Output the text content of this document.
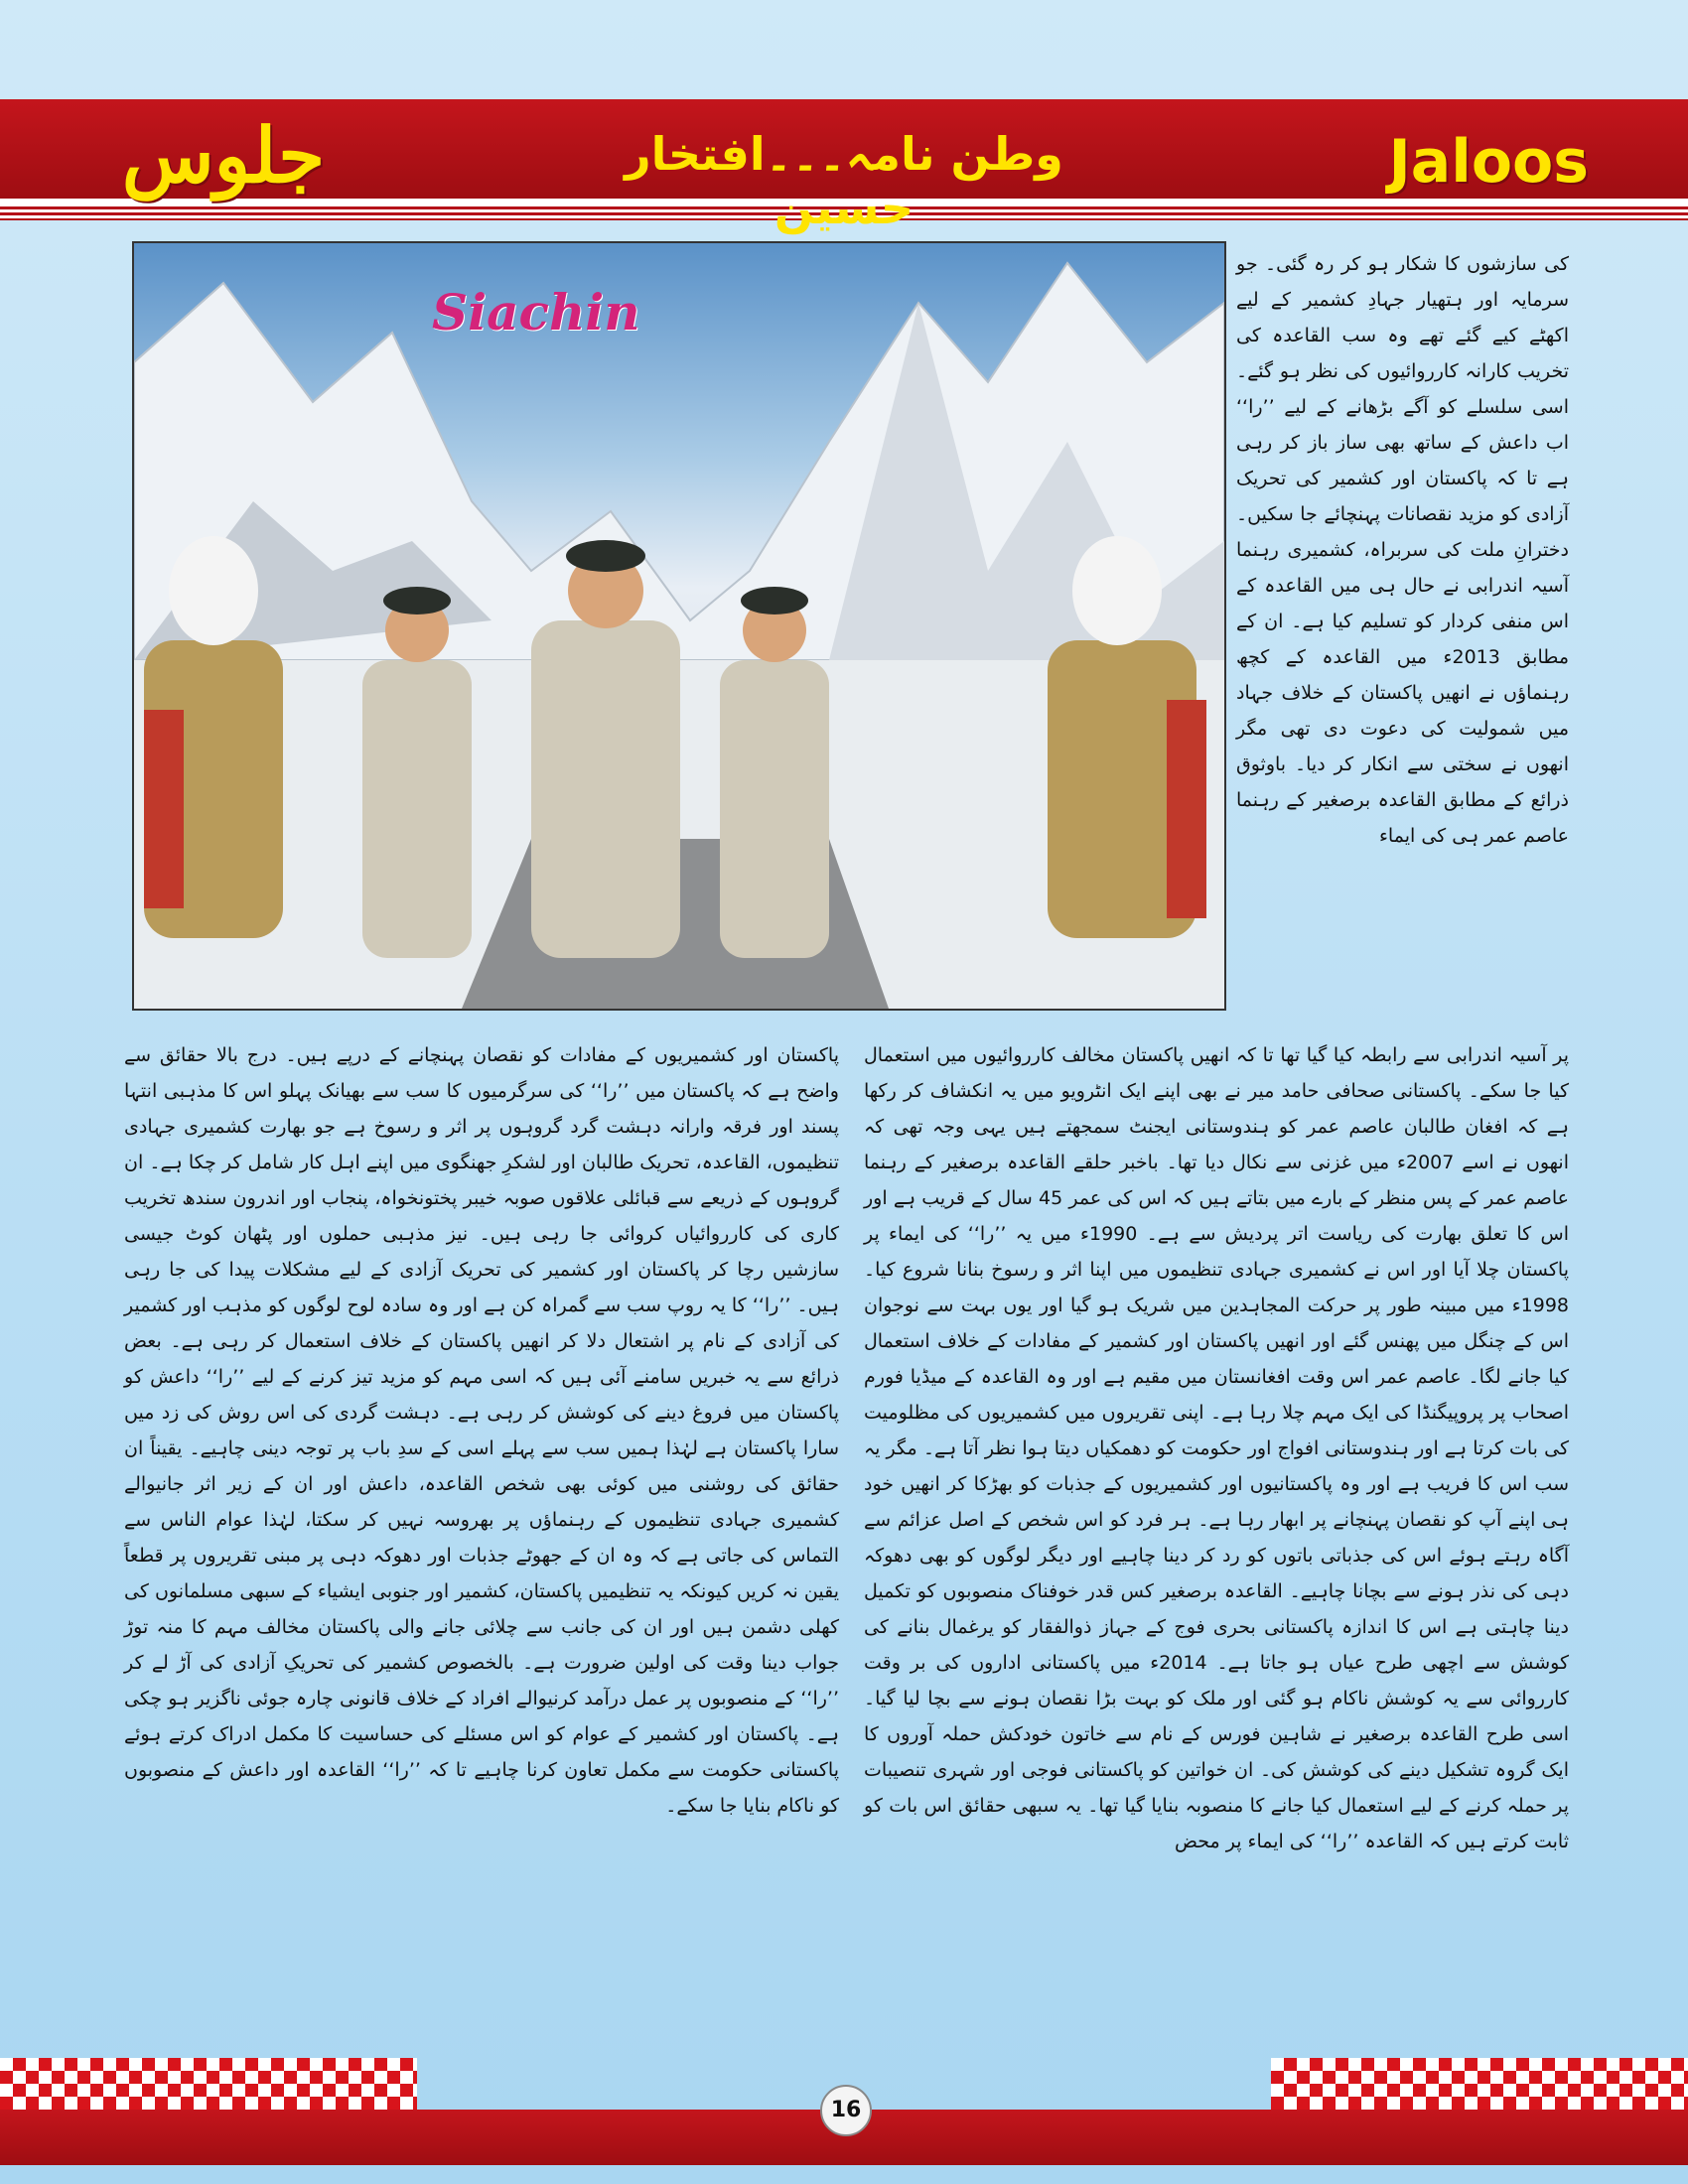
جلوس	وطن نامہ۔۔۔افتخار حسین
Jaloos
Siachin

کی سازشوں کا شکار ہو کر رہ گئی۔ جو سرمایہ اور ہتھیار جہادِ کشمیر کے لیے اکھٹے کیے گئے تھے وہ سب القاعدہ کی تخریب کارانہ کارروائیوں کی نظر ہو گئے۔ اسی سلسلے کو آگے بڑھانے کے لیے ’’را‘‘ اب داعش کے ساتھ بھی ساز باز کر رہی ہے تا کہ پاکستان اور کشمیر کی تحریک آزادی کو مزید نقصانات پہنچائے جا سکیں۔ دخترانِ ملت کی سربراہ، کشمیری رہنما آسیہ اندرابی نے حال ہی میں القاعدہ کے اس منفی کردار کو تسلیم کیا ہے۔ ان کے مطابق 2013ء میں القاعدہ کے کچھ رہنماؤں نے انھیں پاکستان کے خلاف جہاد میں شمولیت کی دعوت دی تھی مگر انھوں نے سختی سے انکار کر دیا۔ باوثوق ذرائع کے مطابق القاعدہ برصغیر کے رہنما عاصم عمر ہی کی ایماء

پر آسیہ اندرابی سے رابطہ کیا گیا تھا تا کہ انھیں پاکستان مخالف کارروائیوں میں استعمال کیا جا سکے۔ پاکستانی صحافی حامد میر نے بھی اپنے ایک انٹرویو میں یہ انکشاف کر رکھا ہے کہ افغان طالبان عاصم عمر کو ہندوستانی ایجنٹ سمجھتے ہیں یہی وجہ تھی کہ انھوں نے اسے 2007ء میں غزنی سے نکال دیا تھا۔ باخبر حلقے القاعدہ برصغیر کے رہنما عاصم عمر کے پس منظر کے بارے میں بتاتے ہیں کہ اس کی عمر 45 سال کے قریب ہے اور اس کا تعلق بھارت کی ریاست اتر پردیش سے ہے۔ 1990ء میں یہ ’’را‘‘ کی ایماء پر پاکستان چلا آیا اور اس نے کشمیری جہادی تنظیموں میں اپنا اثر و رسوخ بنانا شروع کیا۔ 1998ء میں مبینہ طور پر حرکت المجاہدین میں شریک ہو گیا اور یوں بہت سے نوجوان اس کے چنگل میں پھنس گئے اور انھیں پاکستان اور کشمیر کے مفادات کے خلاف استعمال کیا جانے لگا۔ عاصم عمر اس وقت افغانستان میں مقیم ہے اور وہ القاعدہ کے میڈیا فورم اصحاب پر پروپیگنڈا کی ایک مہم چلا رہا ہے۔ اپنی تقریروں میں کشمیریوں کی مظلومیت کی بات کرتا ہے اور ہندوستانی افواج اور حکومت کو دھمکیاں دیتا ہوا نظر آتا ہے۔ مگر یہ سب اس کا فریب ہے اور وہ پاکستانیوں اور کشمیریوں کے جذبات کو بھڑکا کر انھیں خود ہی اپنے آپ کو نقصان پہنچانے پر ابھار رہا ہے۔ ہر فرد کو اس شخص کے اصل عزائم سے آگاہ رہتے ہوئے اس کی جذباتی باتوں کو رد کر دینا چاہیے اور دیگر لوگوں کو بھی دھوکہ دہی کی نذر ہونے سے بچانا چاہیے۔ القاعدہ برصغیر کس قدر خوفناک منصوبوں کو تکمیل دینا چاہتی ہے اس کا اندازہ پاکستانی بحری فوج کے جہاز ذوالفقار کو یرغمال بنانے کی کوشش سے اچھی طرح عیاں ہو جاتا ہے۔ 2014ء میں پاکستانی اداروں کی بر وقت کارروائی سے یہ کوشش ناکام ہو گئی اور ملک کو بہت بڑا نقصان ہونے سے بچا لیا گیا۔ اسی طرح القاعدہ برصغیر نے شاہین فورس کے نام سے خاتون خودکش حملہ آوروں کا ایک گروہ تشکیل دینے کی کوشش کی۔ ان خواتین کو پاکستانی فوجی اور شہری تنصیبات پر حملہ کرنے کے لیے استعمال کیا جانے کا منصوبہ بنایا گیا تھا۔ یہ سبھی حقائق اس بات کو ثابت کرتے ہیں کہ القاعدہ ’’را‘‘ کی ایماء پر محض

پاکستان اور کشمیریوں کے مفادات کو نقصان پہنچانے کے درپے ہیں۔ درج بالا حقائق سے واضح ہے کہ پاکستان میں ’’را‘‘ کی سرگرمیوں کا سب سے بھیانک پہلو اس کا مذہبی انتہا پسند اور فرقہ وارانہ دہشت گرد گروہوں پر اثر و رسوخ ہے جو بھارت کشمیری جہادی تنظیموں، القاعدہ، تحریک طالبان اور لشکرِ جھنگوی میں اپنے اہل کار شامل کر چکا ہے۔ ان گروہوں کے ذریعے سے قبائلی علاقوں صوبہ خیبر پختونخواہ، پنجاب اور اندرون سندھ تخریب کاری کی کارروائیاں کروائی جا رہی ہیں۔ نیز مذہبی حملوں اور پٹھان کوٹ جیسی سازشیں رچا کر پاکستان اور کشمیر کی تحریک آزادی کے لیے مشکلات پیدا کی جا رہی ہیں۔ ’’را‘‘ کا یہ روپ سب سے گمراہ کن ہے اور وہ سادہ لوح لوگوں کو مذہب اور کشمیر کی آزادی کے نام پر اشتعال دلا کر انھیں پاکستان کے خلاف استعمال کر رہی ہے۔ بعض ذرائع سے یہ خبریں سامنے آئی ہیں کہ اسی مہم کو مزید تیز کرنے کے لیے ’’را‘‘ داعش کو پاکستان میں فروغ دینے کی کوشش کر رہی ہے۔ دہشت گردی کی اس روش کی زد میں سارا پاکستان ہے لہٰذا ہمیں سب سے پہلے اسی کے سدِ باب پر توجہ دینی چاہیے۔ یقیناً ان حقائق کی روشنی میں کوئی بھی شخص القاعدہ، داعش اور ان کے زیر اثر جانیوالے کشمیری جہادی تنظیموں کے رہنماؤں پر بھروسہ نہیں کر سکتا، لہٰذا عوام الناس سے التماس کی جاتی ہے کہ وہ ان کے جھوٹے جذبات اور دھوکہ دہی پر مبنی تقریروں پر قطعاً یقین نہ کریں کیونکہ یہ تنظیمیں پاکستان، کشمیر اور جنوبی ایشیاء کے سبھی مسلمانوں کی کھلی دشمن ہیں اور ان کی جانب سے چلائی جانے والی پاکستان مخالف مہم کا منہ توڑ جواب دینا وقت کی اولین ضرورت ہے۔ بالخصوص کشمیر کی تحریکِ آزادی کی آڑ لے کر ’’را‘‘ کے منصوبوں پر عمل درآمد کرنیوالے افراد کے خلاف قانونی چارہ جوئی ناگزیر ہو چکی ہے۔ پاکستان اور کشمیر کے عوام کو اس مسئلے کی حساسیت کا مکمل ادراک کرتے ہوئے پاکستانی حکومت سے مکمل تعاون کرنا چاہیے تا کہ ’’را‘‘ القاعدہ اور داعش کے منصوبوں کو ناکام بنایا جا سکے۔

16
